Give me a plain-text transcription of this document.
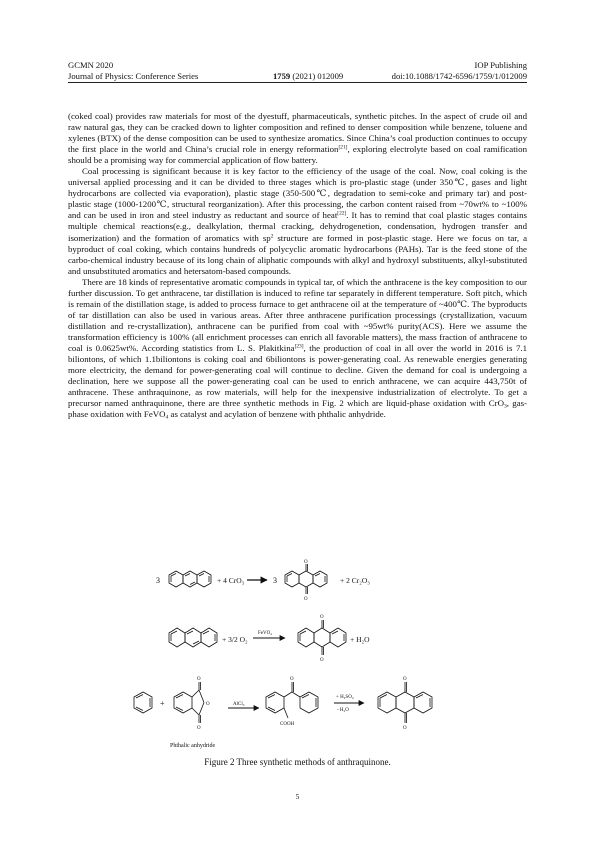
GCMN 2020	IOP Publishing
Journal of Physics: Conference Series	1759 (2021) 012009	doi:10.1088/1742-6596/1759/1/012009

(coked coal) provides raw materials for most of the dyestuff, pharmaceuticals, synthetic pitches. In the aspect of crude oil and raw natural gas, they can be cracked down to lighter composition and refined to denser composition while benzene, toluene and xylenes (BTX) of the dense composition can be used to synthesize aromatics. Since China’s coal production continues to occupy the first place in the world and China’s crucial role in energy reformation[21], exploring electrolyte based on coal ramification should be a promising way for commercial application of flow battery.

Coal processing is significant because it is key factor to the efficiency of the usage of the coal. Now, coal coking is the universal applied processing and it can be divided to three stages which is pro-plastic stage (under 350℃, gases and light hydrocarbons are collected via evaporation), plastic stage (350-500℃, degradation to semi-coke and primary tar) and post-plastic stage (1000-1200℃, structural reorganization). After this processing, the carbon content raised from ~70wt% to ~100% and can be used in iron and steel industry as reductant and source of heat[22]. It has to remind that coal plastic stages contains multiple chemical reactions(e.g., dealkylation, thermal cracking, dehydrogenetion, condensation, hydrogen transfer and isomerization) and the formation of aromatics with $sp^2$ structure are formed in post-plastic stage. Here we focus on tar, a byproduct of coal coking, which contains hundreds of polycyclic aromatic hydrocarbons (PAHs). Tar is the feed stone of the carbo-chemical industry because of its long chain of aliphatic compounds with alkyl and hydroxyl substituents, alkyl-substituted and unsubstituted aromatics and hetersatom-based compounds.

There are 18 kinds of representative aromatic compounds in typical tar, of which the anthracene is the key composition to our further discussion. To get anthracene, tar distillation is induced to refine tar separately in different temperature. Soft pitch, which is remain of the distillation stage, is added to process furnace to get anthracene oil at the temperature of ~400℃. The byproducts of tar distillation can also be used in various areas. After three anthracene purification processings (crystallization, vacuum distillation and re-crystallization), anthracene can be purified from coal with ~95wt% purity(ACS). Here we assume the transformation efficiency is 100% (all enrichment processes can enrich all favorable matters), the mass fraction of anthracene to coal is 0.0625wt%. According statistics from L. S. Plakitkina[23], the production of coal in all over the world in 2016 is 7.1 biliontons, of which 1.1biliontons is coking coal and 6biliontons is power-generating coal. As renewable energies generating more electricity, the demand for power-generating coal will continue to decline. Given the demand for coal is undergoing a declination, here we suppose all the power-generating coal can be used to enrich anthracene, we can acquire 443,750t of anthracene. These anthraquinone, as row materials, will help for the inexpensive industrialization of electrolyte. To get a precursor named anthraquinone, there are three synthetic methods in Fig. 2 which are liquid-phase oxidation with CrO$_3$, gas-phase oxidation with FeVO$_4$ as catalyst and acylation of benzene with phthalic anhydride.

3	+ 4 CrO₃	3
O
O
+ 2 Cr₂O₃
+ 3/2 O₂
FeVO₄
O
O
+ H₂O
+
O
O
O
AlCl₃
O
COOH
+ H₂SO₄
- H₂O
O
O
Phthalic anhydride
Figure 2 Three synthetic methods of anthraquinone.
5
